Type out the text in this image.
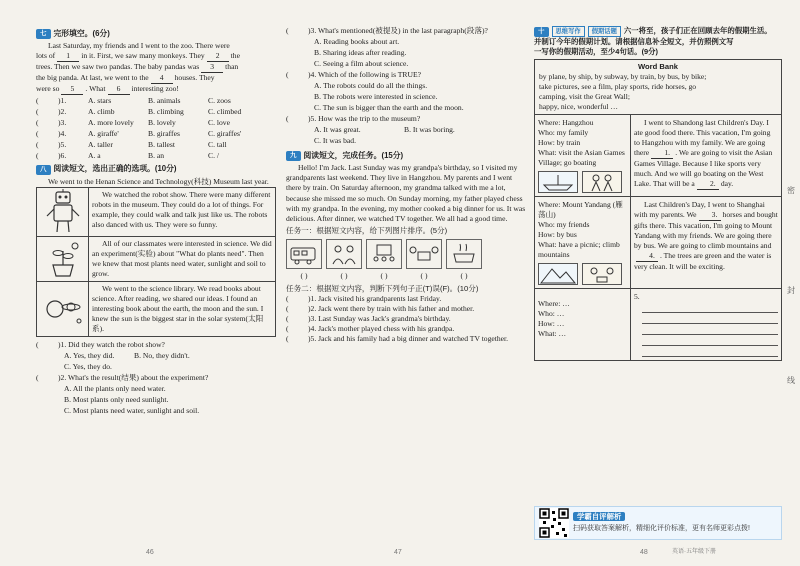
七 完形填空。(6分)
Last Saturday, my friends and I went to the zoo. There were
lots of 1 in it. First, we saw many monkeys. They 2 the
trees. Then we saw two pandas. The baby pandas was 3 than
the big panda. At last, we went to the 4 houses. They
were so 5 . What 6 interesting zoo!
(	)1.	A. stars	B. animals	C. zoos
(	)2.	A. climb	B. climbing	C. climbed
(	)3.	A. more lovely	B. lovely	C. love
(	)4.	A. giraffe'	B. giraffes	C. giraffes'
(	)5.	A. taller	B. tallest	C. tall
(	)6.	A. a	B. an	C. /
八 阅读短文，选出正确的选项。(10分)
We went to the Henan Science and Technology(科技) Museum last year.
We watched the robot show. There were many different robots in the museum. They could do a lot of things. For example, they could walk and talk just like us. The robots also danced with us. They were so funny.
All of our classmates were interested in science. We did an experiment(实验) about "What do plants need". Then we knew that most plants need water, sunlight and soil to grow.
We went to the science library. We read books about science. After reading, we shared our ideas. I found an interesting book about the earth, the moon and the sun. I knew the sun is the biggest star in the solar system(太阳系).
(	)1. Did they watch the robot show?
A. Yes, they did.	B. No, they didn't.
C. Yes, they do.
(	)2. What's the result(结果) about the experiment?
A. All the plants only need water.
B. Most plants only need sunlight.
C. Most plants need water, sunlight and soil.
(	)3. What's mentioned(被提及) in the last paragraph(段落)?
A. Reading books about art.
B. Sharing ideas after reading.
C. Seeing a film about science.
(	)4. Which of the following is TRUE?
A. The robots could do all the things.
B. The robots were interested in science.
C. The sun is bigger than the earth and the moon.
(	)5. How was the trip to the museum?
A. It was great.	B. It was boring.
C. It was bad.
九 阅读短文，完成任务。(15分)
Hello! I'm Jack. Last Sunday was my grandpa's birthday, so I visited my grandparents last weekend. They live in Hangzhou. My parents and I went there by train. On Saturday afternoon, my grandma talked with me a lot, because she missed me so much. On Sunday morning, my father played chess with my grandpa. In the evening, my mother cooked a big dinner for us. It was delicious. After dinner, we watched TV together. We all had a good time.
任务一：根据短文内容，给下列图片排序。(5分)
( )	( )	( )	( )	( )
任务二：根据短文内容，判断下列句子正(T)误(F)。(10分)
(	)1. Jack visited his grandparents last Friday.
(	)2. Jack went there by train with his father and mother.
(	)3. Last Sunday was Jack's grandma's birthday.
(	)4. Jack's mother played chess with his grandpa.
(	)5. Jack and his family had a big dinner and watched TV together.
十 思维写作 假期话题 六一将至，孩子们正在回顾去年的假期生活。
并制订今年的假期计划。请根据信息补全短文，并仿照例文写
一写你的假期活动，至少4句话。(9分)
Word Bank
by plane, by ship, by subway, by train, by bus, by bike;
take pictures, see a film, play sports, ride horses, go
camping, visit the Great Wall;
happy, nice, wonderful …
Where: Hangzhou
Who: my family
How: by train
What: visit the Asian Games Village; go boating
I went to Shandong last Children's Day. I ate good food there. This vacation, I'm going to Hangzhou with my family. We are going there 1.. We are going to visit the Asian Games Village. Because I like sports very much. And we will go boating on the West Lake. That will be a 2.day.
Where: Mount Yandang (雁荡山)
Who: my friends
How: by bus
What: have a picnic; climb mountains
Last Children's Day, I went to Shanghai with my parents. We 3.horses and bought gifts there. This vacation, I'm going to Mount Yandang with my friends. We are going there by bus. We are going to climb mountains and4.. The trees are green and the water is very clean. It will be exciting.
Where: …
Who: …
How: …
What: …
5.
学霸自评解析
扫码获取答案解析，精细化评价标准，更有名师更彩点拨!
密
封
线
46	47	48	英语·五年级下册
